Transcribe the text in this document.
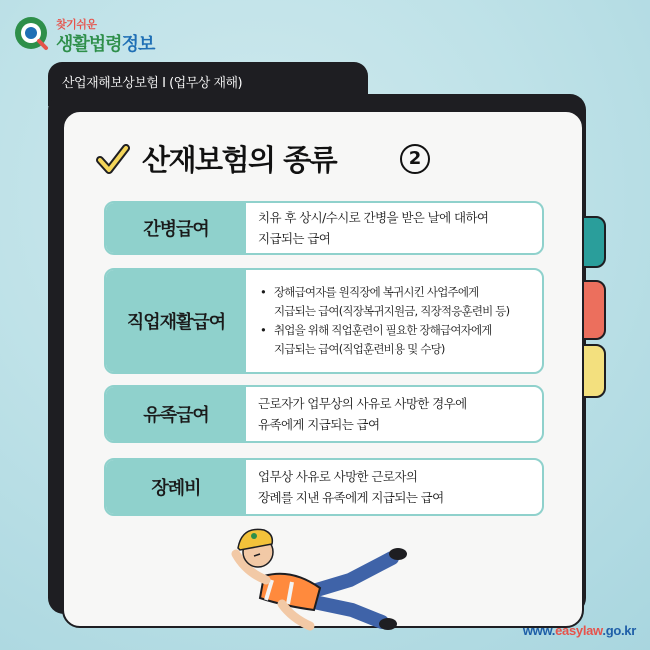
찾기쉬운
생활법령정보
산업재해보상보험 I (업무상 재해)
산재보험의 종류	2
간병급여
치유 후 상시/수시로 간병을 받은 날에 대하여
지급되는 급여
직업재활급여
• 장해급여자를 원직장에 복귀시킨 사업주에게
지급되는 급여(직장복귀지원금, 직장적응훈련비 등)
• 취업을 위해 직업훈련이 필요한 장해급여자에게
지급되는 급여(직업훈련비용 및 수당)
유족급여
근로자가 업무상의 사유로 사망한 경우에
유족에게 지급되는 급여
장례비
업무상 사유로 사망한 근로자의
장례를 지낸 유족에게 지급되는 급여
www.easylaw.go.kr
